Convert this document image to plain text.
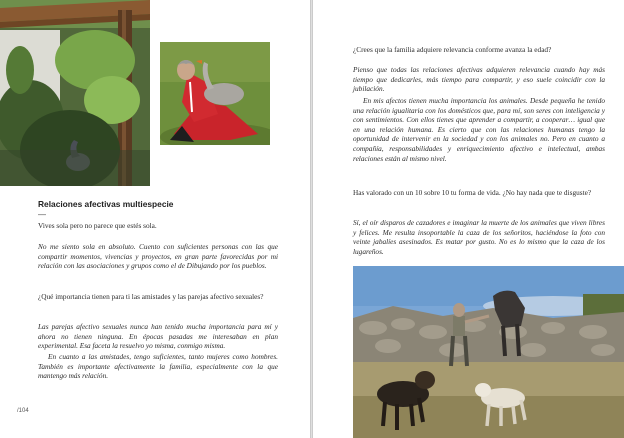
Relaciones afectivas multiespecie
—
Vives sola pero no parece que estés sola.
No me siento sola en absoluto. Cuento con suficientes personas con las que compartir momentos, vivencias y proyectos, en gran parte favorecidas por mi relación con las asociaciones y grupos como el de Dibujando por los pueblos.
¿Qué importancia tienen para ti las amistades y las parejas afectivo sexuales?
Las parejas afectivo sexuales nunca han tenido mucha importancia para mí y ahora no tienen ninguna. En épocas pasadas me interesaban en plan experimental. Esa faceta la resuelvo yo misma, conmigo misma.
En cuanto a las amistades, tengo suficientes, tanto mujeres como hombres. También es importante afectivamente la familia, especialmente con la que mantengo más relación.
/104
¿Crees que la familia adquiere relevancia conforme avanza la edad?
Pienso que todas las relaciones afectivas adquieren relevancia cuando hay más tiempo que dedicarles, más tiempo para compartir, y eso suele coincidir con la jubilación.
En mis afectos tienen mucha importancia los animales. Desde pequeña he tenido una relación igualitaria con los domésticos que, para mí, son seres con inteligencia y con sentimientos. Con ellos tienes que aprender a compartir, a cooperar… igual que en una relación humana. Es cierto que con las relaciones humanas tengo la oportunidad de intervenir en la sociedad y con los animales no. Pero en cuanto a compañía, responsabilidades y enriquecimiento afectivo e intelectual, ambas relaciones están al mismo nivel.
Has valorado con un 10 sobre 10 tu forma de vida. ¿No hay nada que te disguste?
Sí, el oír disparos de cazadores e imaginar la muerte de los animales que viven libres y felices. Me resulta insoportable la caza de los señoritos, haciéndose la foto con veinte jabalíes asesinados. Es matar por gusto. No es lo mismo que la caza de los lugareños.
